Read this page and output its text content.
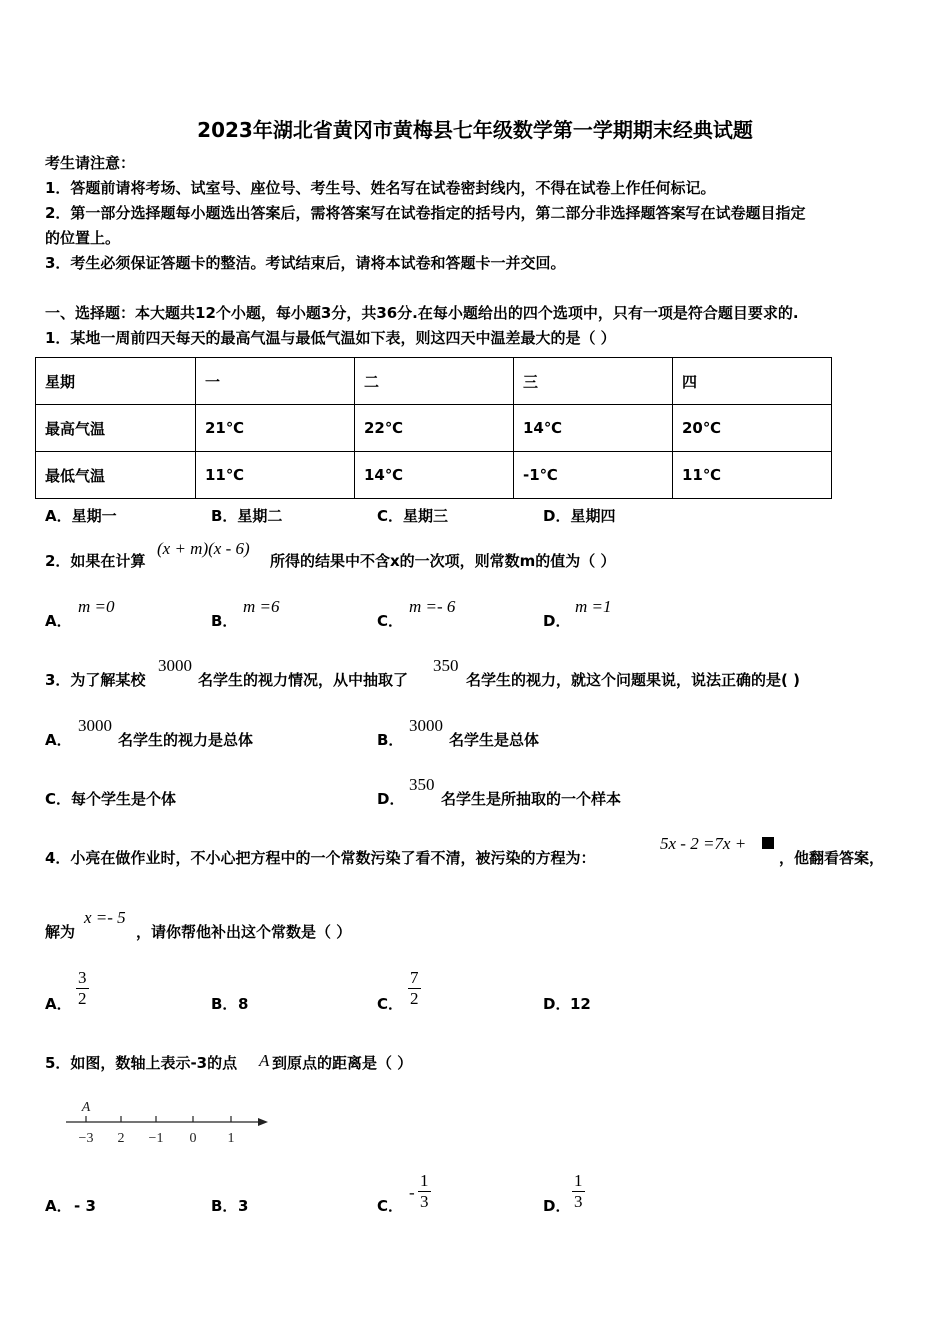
2023年湖北省黄冈市黄梅县七年级数学第一学期期末经典试题
考生请注意：
1．答题前请将考场、试室号、座位号、考生号、姓名写在试卷密封线内，不得在试卷上作任何标记。
2．第一部分选择题每小题选出答案后，需将答案写在试卷指定的括号内，第二部分非选择题答案写在试卷题目指定
的位置上。
3．考生必须保证答题卡的整洁。考试结束后，请将本试卷和答题卡一并交回。
一、选择题：本大题共12个小题，每小题3分，共36分.在每小题给出的四个选项中，只有一项是符合题目要求的.
1．某地一周前四天每天的最高气温与最低气温如下表，则这四天中温差最大的是（ ）
星期	一	二	三	四
最高气温	21℃	22℃	14℃	20℃
最低气温	11℃	14℃	-1℃	11℃
A．星期一	B．星期二	C．星期三	D．星期四
2．如果在计算
(x + m)(x - 6)
所得的结果中不含x的一次项，则常数m的值为（ ）
A．
m =0
B．
m =6
C．
m =- 6
D．
m =1
3．为了解某校
3000
名学生的视力情况，从中抽取了
350
名学生的视力，就这个问题果说，说法正确的是( )
A．
3000
名学生的视力是总体	B．
3000
名学生是总体
C．每个学生是个体	D．
350
名学生是所抽取的一个样本
4．小亮在做作业时，不小心把方程中的一个常数污染了看不清，被污染的方程为：
5x - 2 =7x +
，他翻看答案，
解为
x =- 5
，请你帮他补出这个常数是（ ）
A． $\frac{3}{2}$	B． 8	C． $\frac{7}{2}$	D． 12
5．如图，数轴上表示-3的点 A 到原点的距离是（ ）
A
−3 2 −1 0 1
A． - 3	B． 3	C．
- $\frac{1}{3}$	D． $\frac{1}{3}$
